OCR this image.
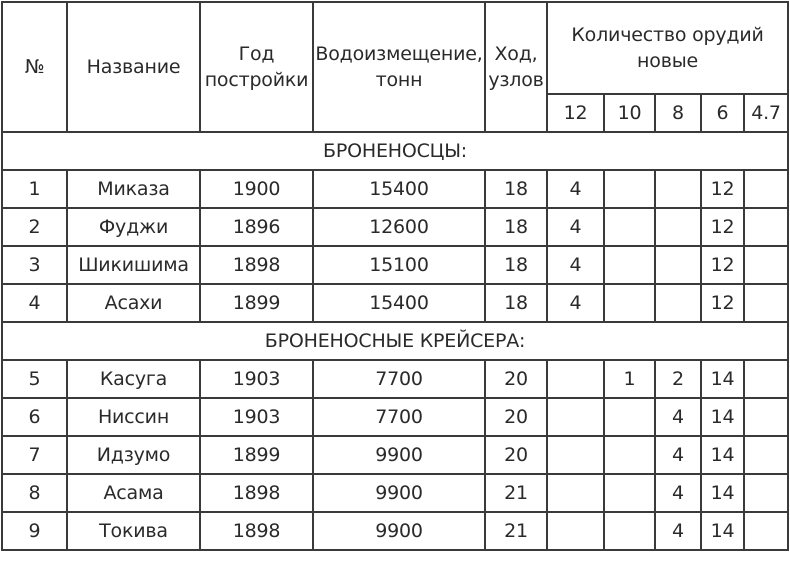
№	Название	Год
постройки	Водоизмещение,
тонн	Ход,
узлов	Количество орудий
новые				
					12	10	8	6	4.7
БРОНЕНОСЦЫ:									
1	Миказа	1900	15400	18	4			12	
2	Фуджи	1896	12600	18	4			12	
3	Шикишима	1898	15100	18	4			12	
4	Асахи	1899	15400	18	4			12	
БРОНЕНОСНЫЕ КРЕЙСЕРА:									
5	Касуга	1903	7700	20		1	2	14	
6	Ниссин	1903	7700	20			4	14	
7	Идзумо	1899	9900	20			4	14	
8	Асама	1898	9900	21			4	14	
9	Токива	1898	9900	21			4	14	
